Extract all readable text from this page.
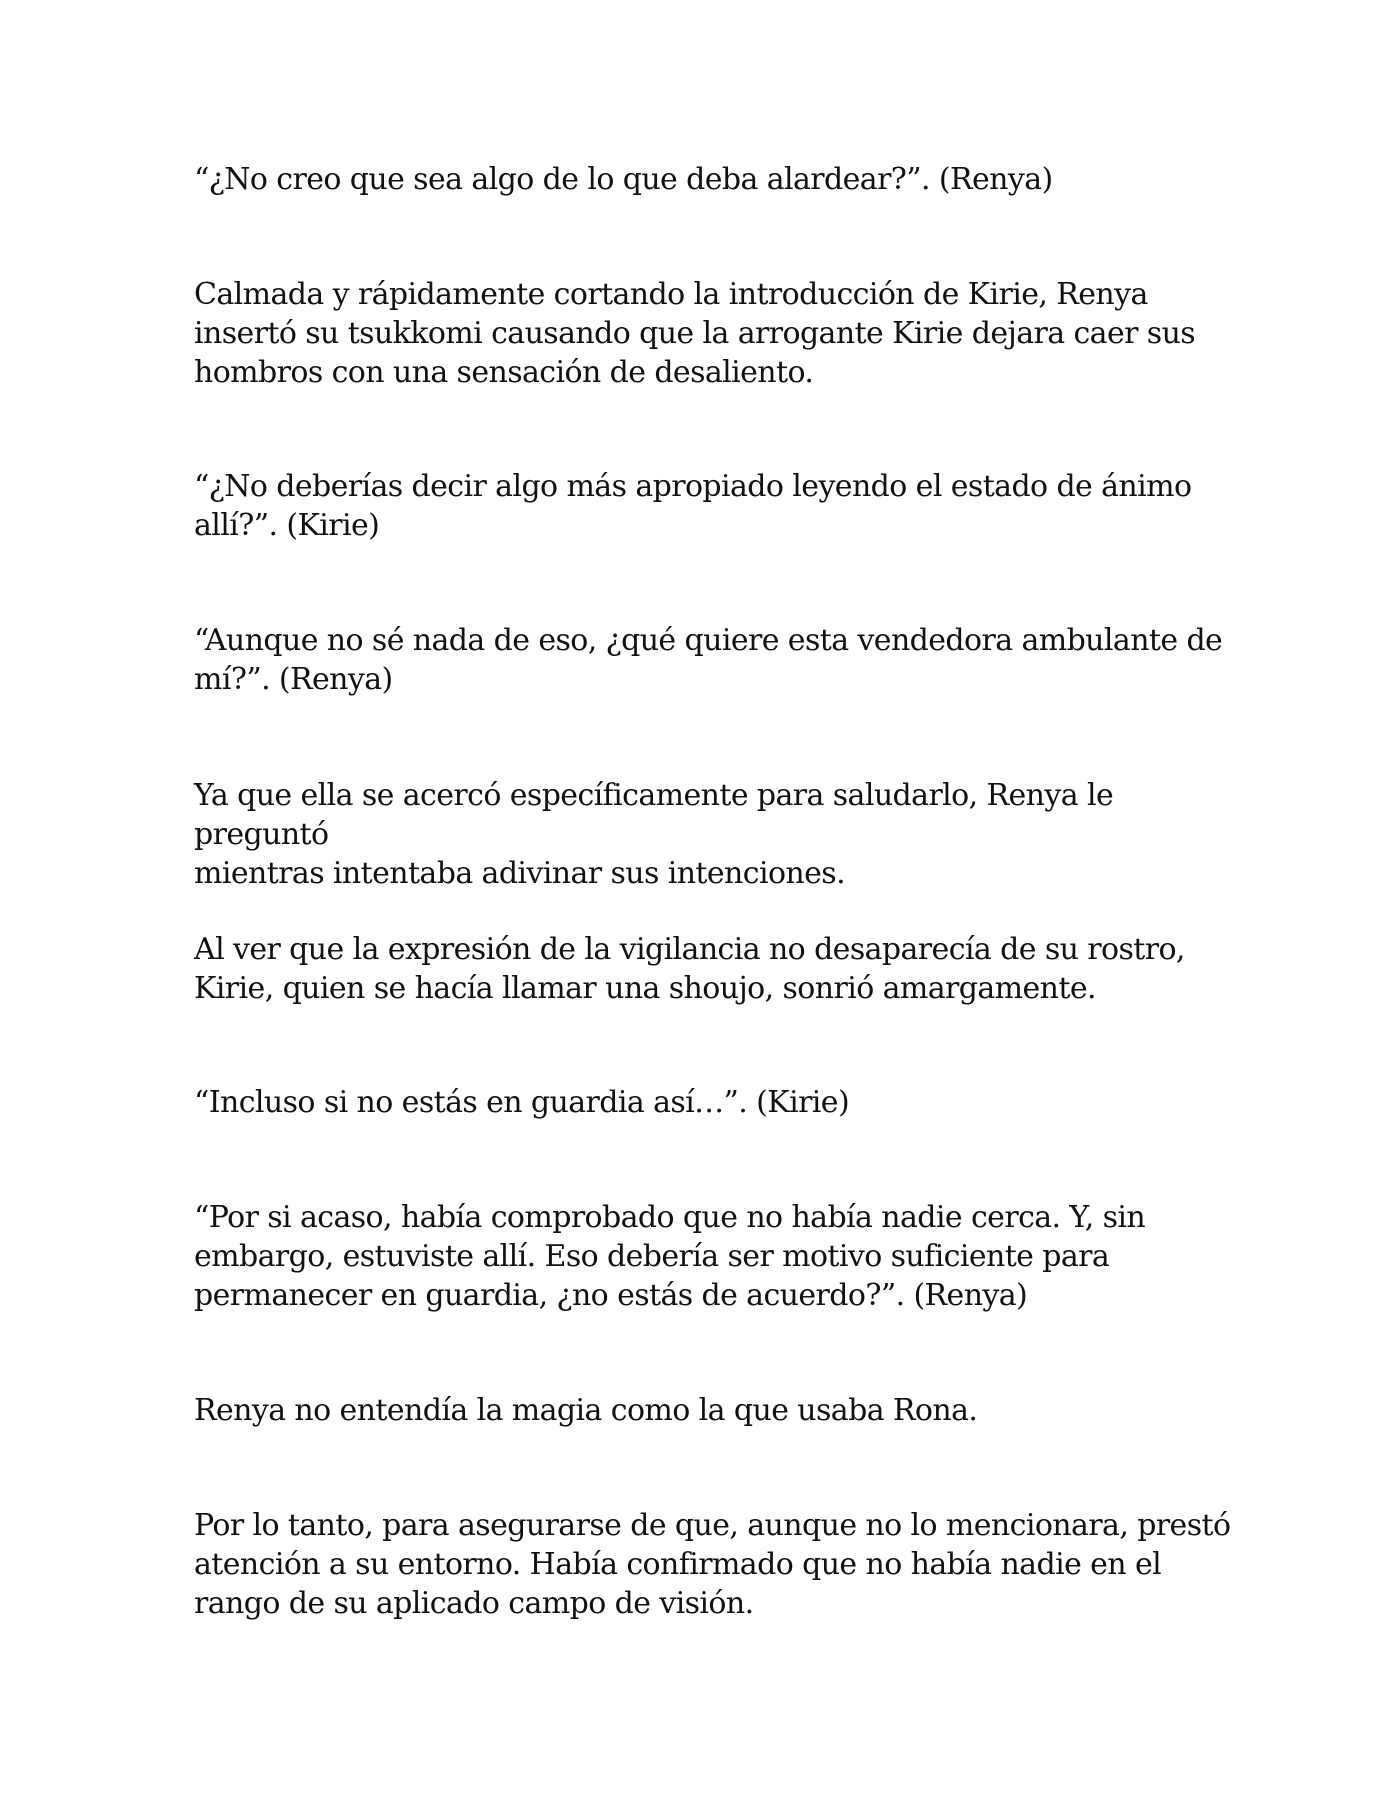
“¿No creo que sea algo de lo que deba alardear?”. (Renya)

Calmada y rápidamente cortando la introducción de Kirie, Renya
insertó su tsukkomi causando que la arrogante Kirie dejara caer sus
hombros con una sensación de desaliento.

“¿No deberías decir algo más apropiado leyendo el estado de ánimo
allí?”. (Kirie)

“Aunque no sé nada de eso, ¿qué quiere esta vendedora ambulante de
mí?”. (Renya)

Ya que ella se acercó específicamente para saludarlo, Renya le preguntó
mientras intentaba adivinar sus intenciones.

Al ver que la expresión de la vigilancia no desaparecía de su rostro,
Kirie, quien se hacía llamar una shoujo, sonrió amargamente.

“Incluso si no estás en guardia así…”. (Kirie)

“Por si acaso, había comprobado que no había nadie cerca. Y, sin
embargo, estuviste allí. Eso debería ser motivo suficiente para
permanecer en guardia, ¿no estás de acuerdo?”. (Renya)

Renya no entendía la magia como la que usaba Rona.

Por lo tanto, para asegurarse de que, aunque no lo mencionara, prestó
atención a su entorno. Había confirmado que no había nadie en el
rango de su aplicado campo de visión.
